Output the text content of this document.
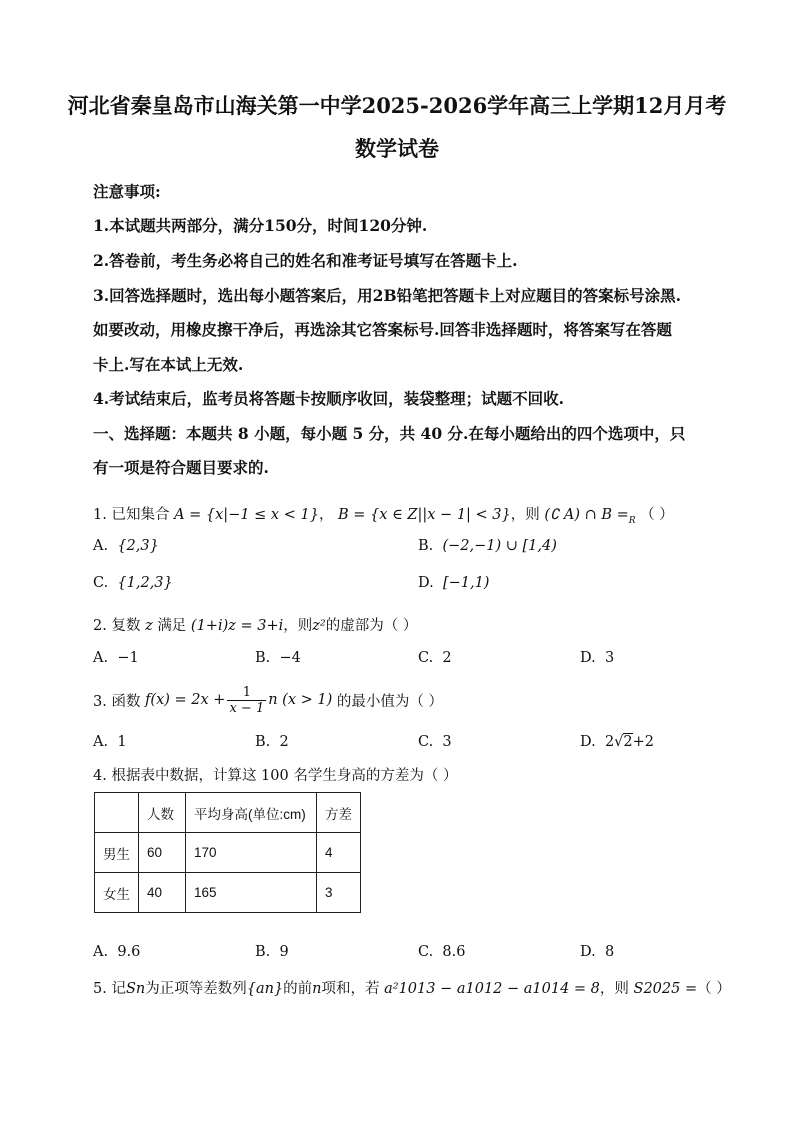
河北省秦皇岛市山海关第一中学2025-2026学年高三上学期12月月考
数学试卷
注意事项:
1.本试题共两部分，满分150分，时间120分钟.
2.答卷前，考生务必将自己的姓名和准考证号填写在答题卡上.
3.回答选择题时，选出每小题答案后，用2B铅笔把答题卡上对应题目的答案标号涂黑.
如要改动，用橡皮擦干净后，再选涂其它答案标号.回答非选择题时，将答案写在答题
卡上.写在本试上无效.
4.考试结束后，监考员将答题卡按顺序收回，装袋整理；试题不回收.
一、选择题：本题共 8 小题，每小题 5 分，共 40 分.在每小题给出的四个选项中，只
有一项是符合题目要求的.
1. 已知集合 A = {x|−1 ≤ x < 1}， B = {x ∈ Z||x − 1| < 3}，则 (∁ A) ∩ $B =_R$ （ ）
A. {2,3}	B. (−2,−1) ∪ [1,4)
C. {1,2,3}	D. [−1,1)
2. 复数 z 满足 (1+i)z = 3+i，则z²的虚部为（ ）
A. −1	B. −4	C. 2	D. 3
3. 函数
$f(x) = 2x + \frac{1}{x - 1}$ n (x > 1)
的最小值为（ ）
A. 1	B. 2	C. 3	D. 2√2+2
4. 根据表中数据，计算这 100 名学生身高的方差为（ ）
	人数	平均身高(单位:cm)	方差
男生	60	170	4
女生	40	165	3
A. 9.6	B. 9	C. 8.6	D. 8
5. 记Sn为正项等差数列{an}的前n项和，若 a²1013 − a1012 − a1014 = 8，则 S2025 =（ ）
